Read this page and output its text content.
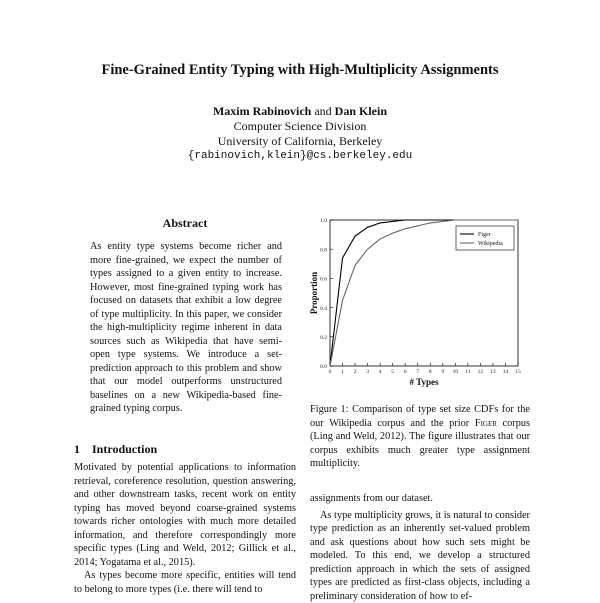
Fine-Grained Entity Typing with High-Multiplicity Assignments
Maxim Rabinovich and Dan Klein
Computer Science Division
University of California, Berkeley
{rabinovich,klein}@cs.berkeley.edu
Abstract
As entity type systems become richer and more fine-grained, we expect the number of types assigned to a given entity to increase. However, most fine-grained typing work has focused on datasets that exhibit a low degree of type multiplicity. In this paper, we consider the high-multiplicity regime inherent in data sources such as Wikipedia that have semi-open type systems. We introduce a set-prediction approach to this problem and show that our model outperforms unstructured baselines on a new Wikipedia-based fine-grained typing corpus.
1 Introduction

Motivated by potential applications to information retrieval, coreference resolution, question answering, and other downstream tasks, recent work on entity typing has moved beyond coarse-grained systems towards richer ontologies with much more detailed information, and therefore correspondingly more specific types (Ling and Weld, 2012; Gillick et al., 2014; Yogatama et al., 2015).

As types become more specific, entities will tend to belong to more types (i.e. there will tend to

0.0
0.2
0.4
0.6
0.8
1.0
0 1 2 3 4 5 6 7 8 9 10 11 12 13 14 15
# Types
Proportion
Figer
Wikipedia
Figure 1: Comparison of type set size CDFs for the our Wikipedia corpus and the prior Figer corpus (Ling and Weld, 2012). The figure illustrates that our corpus exhibits much greater type assignment multiplicity.

assignments from our dataset.

As type multiplicity grows, it is natural to consider type prediction as an inherently set-valued problem and ask questions about how such sets might be modeled. To this end, we develop a structured prediction approach in which the sets of assigned types are predicted as first-class objects, including a preliminary consideration of how to ef-
